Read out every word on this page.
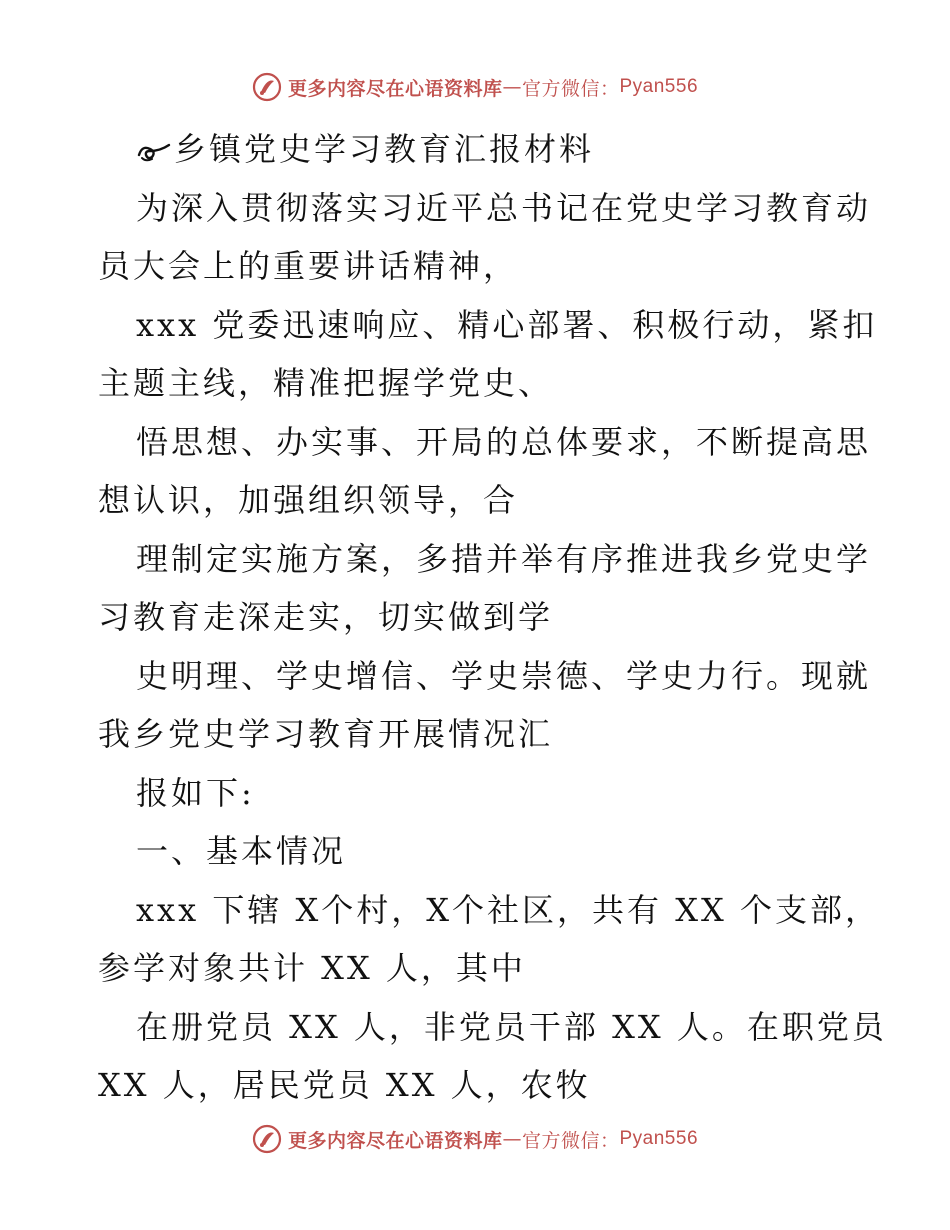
更多内容尽在心语资料库 — 官方微信： Pyan556
乡镇党史学习教育汇报材料
为深入贯彻落实习近平总书记在党史学习教育动
员大会上的重要讲话精神，
xxx 党委迅速响应、精心部署、积极行动，紧扣
主题主线，精准把握学党史、
悟思想、办实事、开局的总体要求，不断提高思
想认识，加强组织领导，合
理制定实施方案，多措并举有序推进我乡党史学
习教育走深走实，切实做到学
史明理、学史增信、学史崇德、学史力行。现就
我乡党史学习教育开展情况汇
报如下:
一、基本情况
xxx 下辖 X个村，X个社区，共有 XX 个支部，
参学对象共计 XX 人，其中
在册党员 XX 人，非党员干部 XX 人。在职党员
XX 人，居民党员 XX 人，农牧
更多内容尽在心语资料库 — 官方微信： Pyan556
